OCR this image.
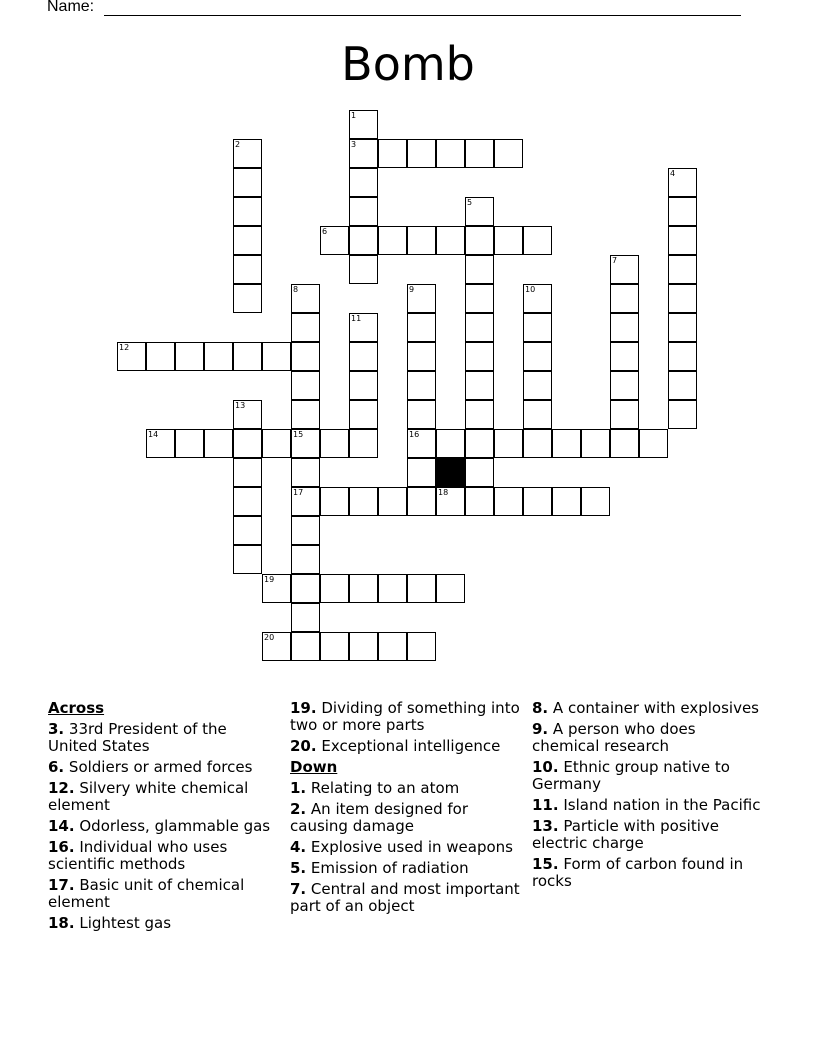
Name:
Bomb
1
3
2
4
5
6
7
8	9
16
10
11
12
13
14	15
17	18
19
20
Across
3. 33rd President of the United States
6. Soldiers or armed forces
12. Silvery white chemical element
14. Odorless, glammable gas
16. Individual who uses scientific methods
17. Basic unit of chemical element
18. Lightest gas
19. Dividing of something into two or more parts
20. Exceptional intelligence
Down
1. Relating to an atom
2. An item designed for causing damage
4. Explosive used in weapons
5. Emission of radiation
7. Central and most important part of an object
8. A container with explosives
9. A person who does chemical research
10. Ethnic group native to Germany
11. Island nation in the Pacific
13. Particle with positive electric charge
15. Form of carbon found in rocks
